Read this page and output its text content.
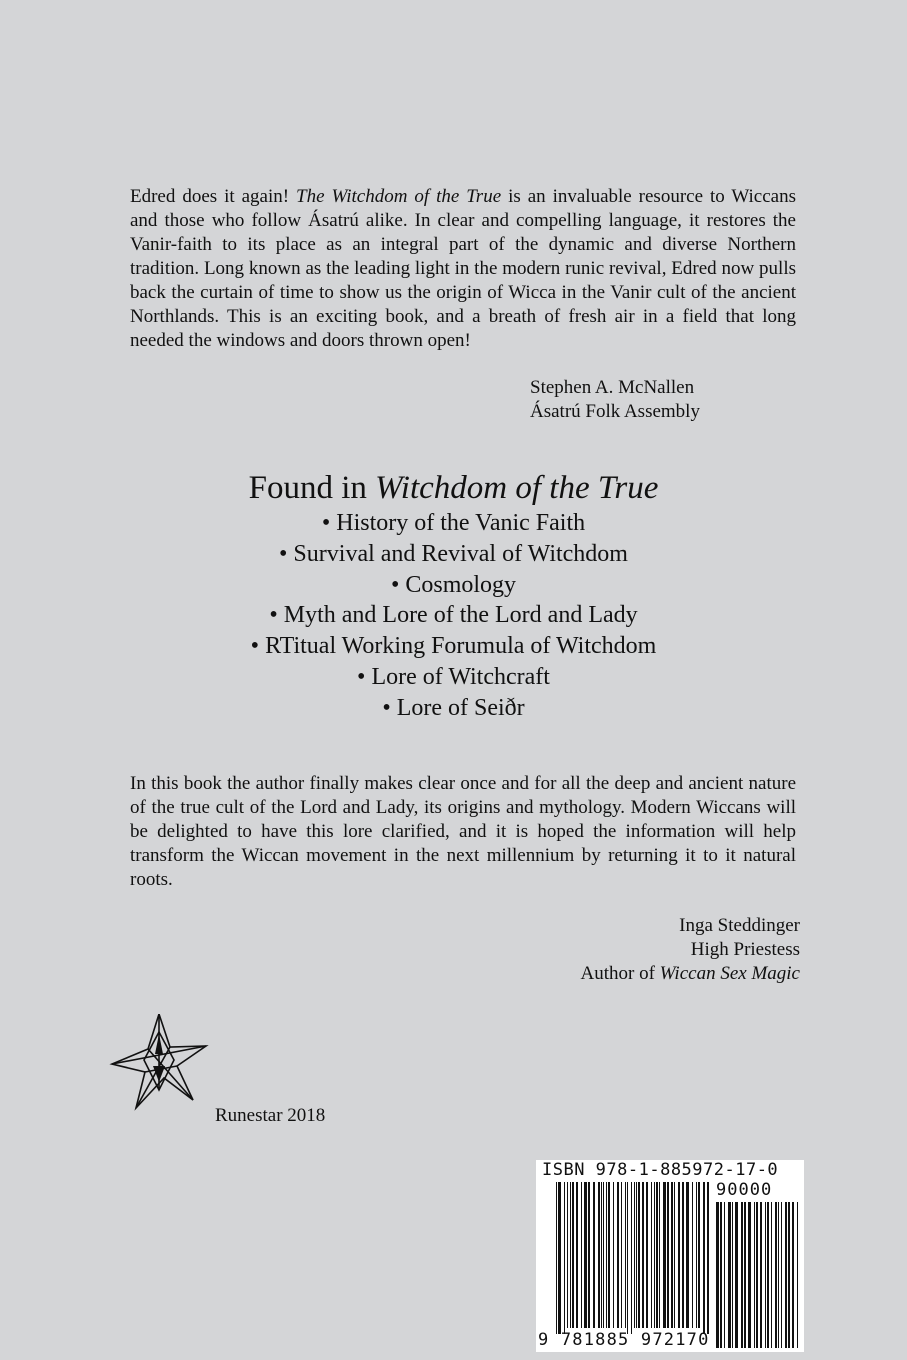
Edred does it again! The Witchdom of the True is an invaluable resource to Wiccans and those who follow Ásatrú alike. In clear and compelling language, it restores the Vanir-faith to its place as an integral part of the dynamic and diverse Northern tradition. Long known as the leading light in the modern runic revival, Edred now pulls back the curtain of time to show us the origin of Wicca in the Vanir cult of the ancient Northlands. This is an exciting book, and a breath of fresh air in a field that long needed the windows and doors thrown open!
Stephen A. McNallen
Ásatrú Folk Assembly
Found in Witchdom of the True
• History of the Vanic Faith
• Survival and Revival of Witchdom
• Cosmology
• Myth and Lore of the Lord and Lady
• RTitual Working Forumula of Witchdom
• Lore of Witchcraft
• Lore of Seiðr
In this book the author finally makes clear once and for all the deep and ancient nature of the true cult of the Lord and Lady, its origins and mythology. Modern Wiccans will be delighted to have this lore clarified, and it is hoped the information will help transform the Wiccan movement in the next millennium by returning it to it natural roots.
Inga Steddinger
High Priestess
Author of Wiccan Sex Magic
Runestar 2018
ISBN 978-1-885972-17-0
90000
9 781885 972170
